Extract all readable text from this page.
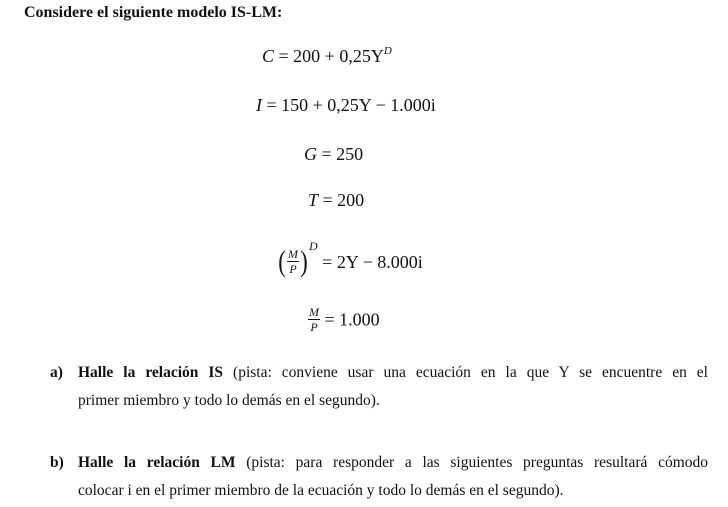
Considere el siguiente modelo IS-LM:
$C = 200 + 0,25Y^D$
I = 150 + 0,25Y − 1.000i
G = 250
T = 200
( $\frac{M}{P} )^D = 2Y - 8.000i$
$\frac{M}{P} = 1.000$
a) Halle la relación IS (pista: conviene usar una ecuación en la que Y se encuentre en el
primer miembro y todo lo demás en el segundo).
b) Halle la relación LM (pista: para responder a las siguientes preguntas resultará cómodo
colocar i en el primer miembro de la ecuación y todo lo demás en el segundo).
